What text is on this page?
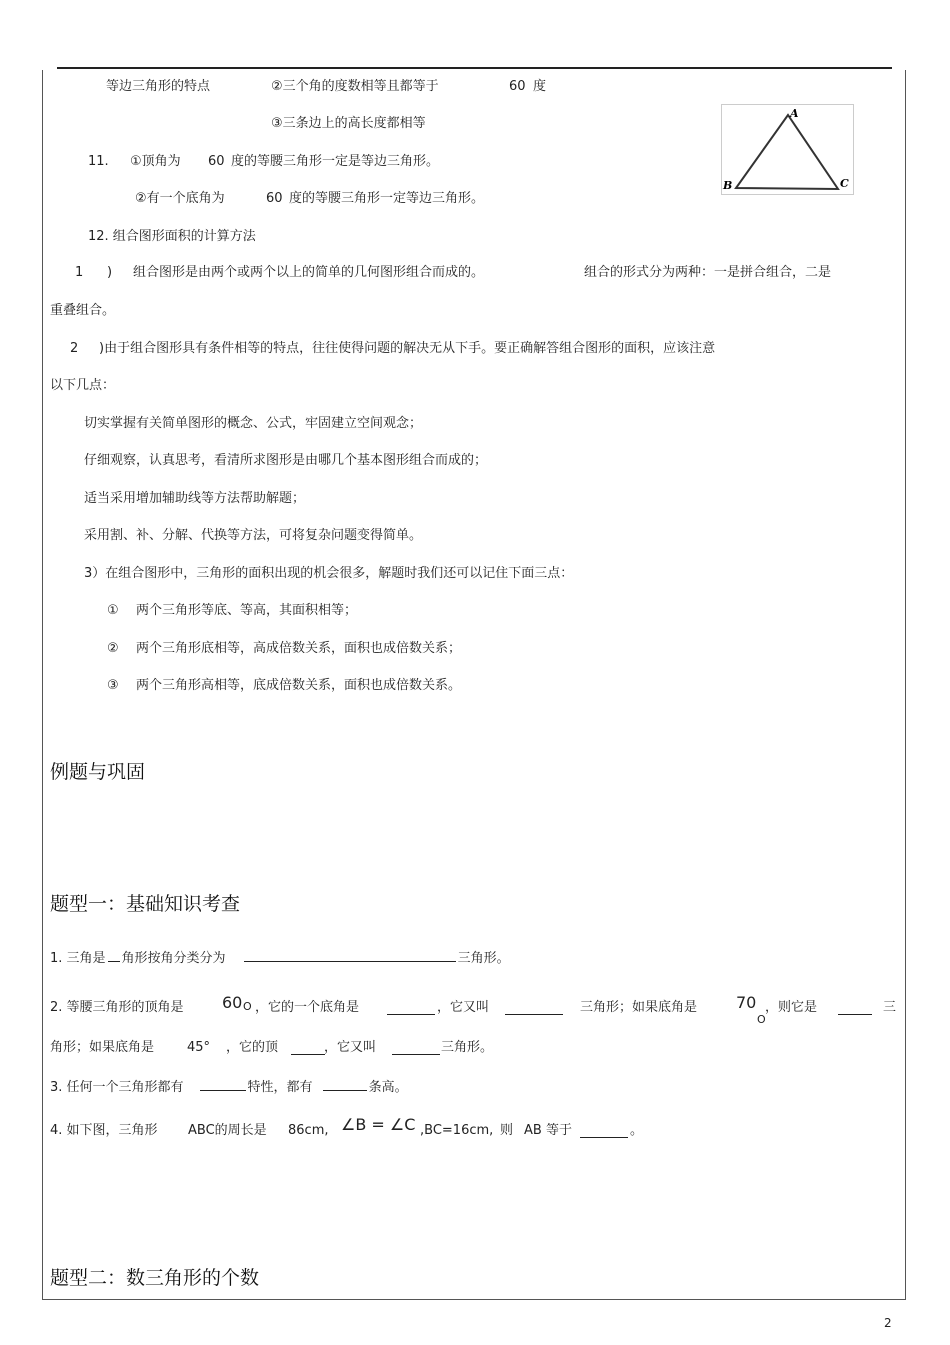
等边三角形的特点	②三个角的度数相等且都等于	60 度
③三条边上的高长度都相等
A
B	C
11. ①顶角为 60 度的等腰三角形一定是等边三角形。
②有一个底角为	60 度的等腰三角形一定等边三角形。
12. 组合图形面积的计算方法
1 ) 组合图形是由两个或两个以上的简单的几何图形组合而成的。	组合的形式分为两种：一是拼合组合，二是
重叠组合。
2 )由于组合图形具有条件相等的特点，往往使得问题的解决无从下手。要正确解答组合图形的面积，应该注意
以下几点：
切实掌握有关简单图形的概念、公式，牢固建立空间观念；
仔细观察，认真思考，看清所求图形是由哪几个基本图形组合而成的；
适当采用增加辅助线等方法帮助解题；
采用割、补、分解、代换等方法，可将复杂问题变得简单。
3）在组合图形中，三角形的面积出现的机会很多，解题时我们还可以记住下面三点：
① 两个三角形等底、等高，其面积相等；
② 两个三角形底相等，高成倍数关系，面积也成倍数关系；
③ 两个三角形高相等，底成倍数关系，面积也成倍数关系。
例题与巩固
题型一：基础知识考查
1. 三角是 角形按角分类分为	三角形。
2. 等腰三角形的顶角是 60 O ，它的一个底角是	，它又叫	三角形；如果底角是 70
O
，则它是	三
角形；如果底角是	45° ，它的顶	，它又叫	三角形。
3. 任何一个三角形都有	特性，都有	条高。
4. 如下图，三角形 ABC的周长是 86cm, ∠B = ∠C ,BC=16cm, 则 AB 等于	。
题型二：数三角形的个数
2
